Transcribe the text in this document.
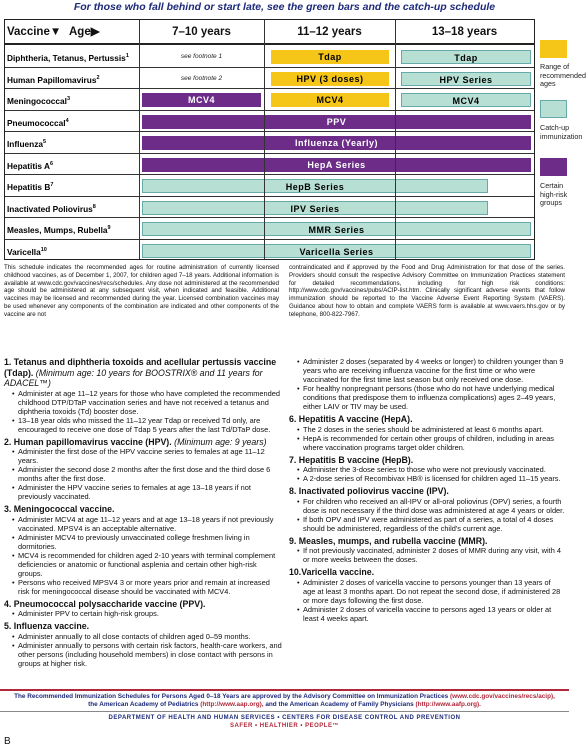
For those who fall behind or start late, see the green bars and the catch-up schedule
Vaccine▼ Age▶	7–10 years	11–12 years	13–18 years
Diphtheria, Tetanus, Pertussis$^1$	see footnote 1	Tdap	Tdap
Human Papillomavirus$^2$	see footnote 2	HPV (3 doses)	HPV Series
Meningococcal$^3$	MCV4	MCV4	MCV4
Pneumococcal$^4$	PPV
Influenza$^5$	Influenza (Yearly)
Hepatitis $A^6$	HepA Series
Hepatitis $B^7$	HepB Series
Inactivated Poliovirus$^8$	IPV Series
Measles, Mumps, Rubella$^9$	MMR Series
Varicella$^{10}$	Varicella Series
Range of recommended ages
Catch-up immunization
Certain high-risk groups
This schedule indicates the recommended ages for routine administration of currently licensed childhood vaccines, as of December 1, 2007, for children aged 7–18 years. Additional information is available at www.cdc.gov/vaccines/recs/schedules. Any dose not administered at the recommended age should be administered at any subsequent visit, when indicated and feasible. Additional vaccines may be licensed and recommended during the year. Licensed combination vaccines may be used whenever any components of the combination are indicated and other components of the vaccine are not
contraindicated and if approved by the Food and Drug Administration for that dose of the series. Providers should consult the respective Advisory Committee on Immunization Practices statement for detailed recommendations, including for high risk conditions: http://www.cdc.gov/vaccines/pubs/ACIP-list.htm. Clinically significant adverse events that follow immunization should be reported to the Vaccine Adverse Event Reporting System (VAERS). Guidance about how to obtain and complete VAERS form is available at www.vaers.hhs.gov or by telephone, 800-822-7967.
1. Tetanus and diphtheria toxoids and acellular pertussis vaccine (Tdap). (Minimum age: 10 years for BOOSTRIX® and 11 years for ADACEL™)
• Administer at age 11–12 years for those who have completed the recommended childhood DTP/DTaP vaccination series and have not received a tetanus and diphtheria toxoids (Td) booster dose.
• 13–18 year olds who missed the 11–12 year Tdap or received Td only, are encouraged to receive one dose of Tdap 5 years after the last Td/DTaP dose.
2. Human papillomavirus vaccine (HPV). (Minimum age: 9 years)
• Administer the first dose of the HPV vaccine series to females at age 11–12 years.
• Administer the second dose 2 months after the first dose and the third dose 6 months after the first dose.
• Administer the HPV vaccine series to females at age 13–18 years if not previously vaccinated.
3. Meningococcal vaccine.
• Administer MCV4 at age 11–12 years and at age 13–18 years if not previously vaccinated. MPSV4 is an acceptable alternative.
• Administer MCV4 to previously unvaccinated college freshmen living in dormitories.
• MCV4 is recommended for children aged 2-10 years with terminal complement deficiencies or anatomic or functional asplenia and certain other high-risk groups.
• Persons who received MPSV4 3 or more years prior and remain at increased risk for meningococcal disease should be vaccinated with MCV4.
4. Pneumococcal polysaccharide vaccine (PPV).
• Administer PPV to certain high-risk groups.
5. Influenza vaccine.
• Administer annually to all close contacts of children aged 0–59 months.
• Administer annually to persons with certain risk factors, health-care workers, and other persons (including household members) in close contact with persons in groups at higher risk.
• Administer 2 doses (separated by 4 weeks or longer) to children younger than 9 years who are receiving influenza vaccine for the first time or who were vaccinated for the first time last season but only received one dose.
• For healthy nonpregnant persons (those who do not have underlying medical conditions that predispose them to influenza complications) ages 2–49 years, either LAIV or TIV may be used.
6. Hepatitis A vaccine (HepA).
• The 2 doses in the series should be administered at least 6 months apart.
• HepA is recommended for certain other groups of children, including in areas where vaccination programs target older children.
7. Hepatitis B vaccine (HepB).
• Administer the 3-dose series to those who were not previously vaccinated.
• A 2-dose series of Recombivax HB® is licensed for children aged 11–15 years.
8. Inactivated poliovirus vaccine (IPV).
• For children who received an all-IPV or all-oral poliovirus (OPV) series, a fourth dose is not necessary if the third dose was administered at age 4 years or older.
• If both OPV and IPV were administered as part of a series, a total of 4 doses should be administered, regardless of the child's current age.
9. Measles, mumps, and rubella vaccine (MMR).
• If not previously vaccinated, administer 2 doses of MMR during any visit, with 4 or more weeks between the doses.
10.Varicella vaccine.
• Administer 2 doses of varicella vaccine to persons younger than 13 years of age at least 3 months apart. Do not repeat the second dose, if administered 28 or more days following the first dose.
• Administer 2 doses of varicella vaccine to persons aged 13 years or older at least 4 weeks apart.
The Recommended Immunization Schedules for Persons Aged 0–18 Years are approved by the Advisory Committee on Immunization Practices (www.cdc.gov/vaccines/recs/acip),
the American Academy of Pediatrics (http://www.aap.org), and the American Academy of Family Physicians (http://www.aafp.org).
DEPARTMENT OF HEALTH AND HUMAN SERVICES • CENTERS FOR DISEASE CONTROL AND PREVENTION
SAFER • HEALTHIER • PEOPLE™
B
